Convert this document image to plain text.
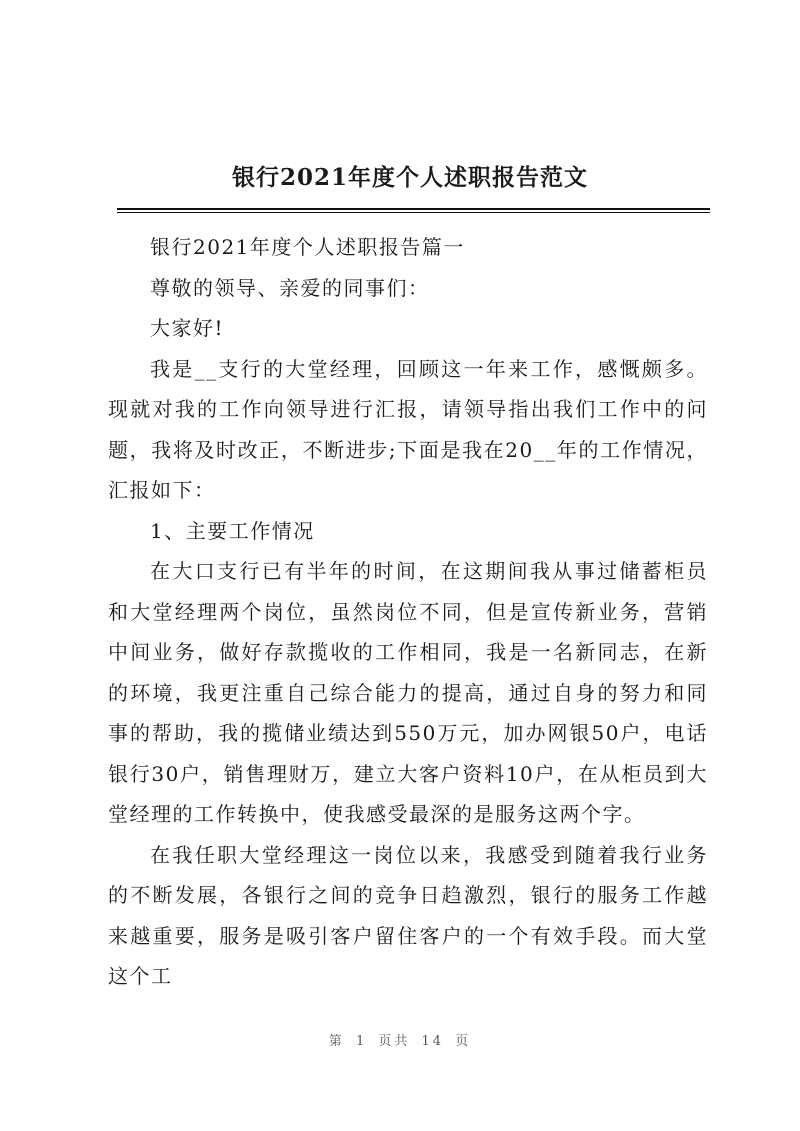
银行2021年度个人述职报告范文

银行2021年度个人述职报告篇一

尊敬的领导、亲爱的同事们：

大家好!

我是__支行的大堂经理，回顾这一年来工作，感慨颇多。现就对我的工作向领导进行汇报，请领导指出我们工作中的问题，我将及时改正，不断进步;下面是我在20__年的工作情况，汇报如下：

1、主要工作情况

在大口支行已有半年的时间，在这期间我从事过储蓄柜员和大堂经理两个岗位，虽然岗位不同，但是宣传新业务，营销中间业务，做好存款揽收的工作相同，我是一名新同志，在新的环境，我更注重自己综合能力的提高，通过自身的努力和同事的帮助，我的揽储业绩达到550万元，加办网银50户，电话银行30户，销售理财万，建立大客户资料10户，在从柜员到大堂经理的工作转换中，使我感受最深的是服务这两个字。

在我任职大堂经理这一岗位以来，我感受到随着我行业务的不断发展，各银行之间的竞争日趋激烈，银行的服务工作越来越重要，服务是吸引客户留住客户的一个有效手段。而大堂这个工

第 1 页共 14 页
